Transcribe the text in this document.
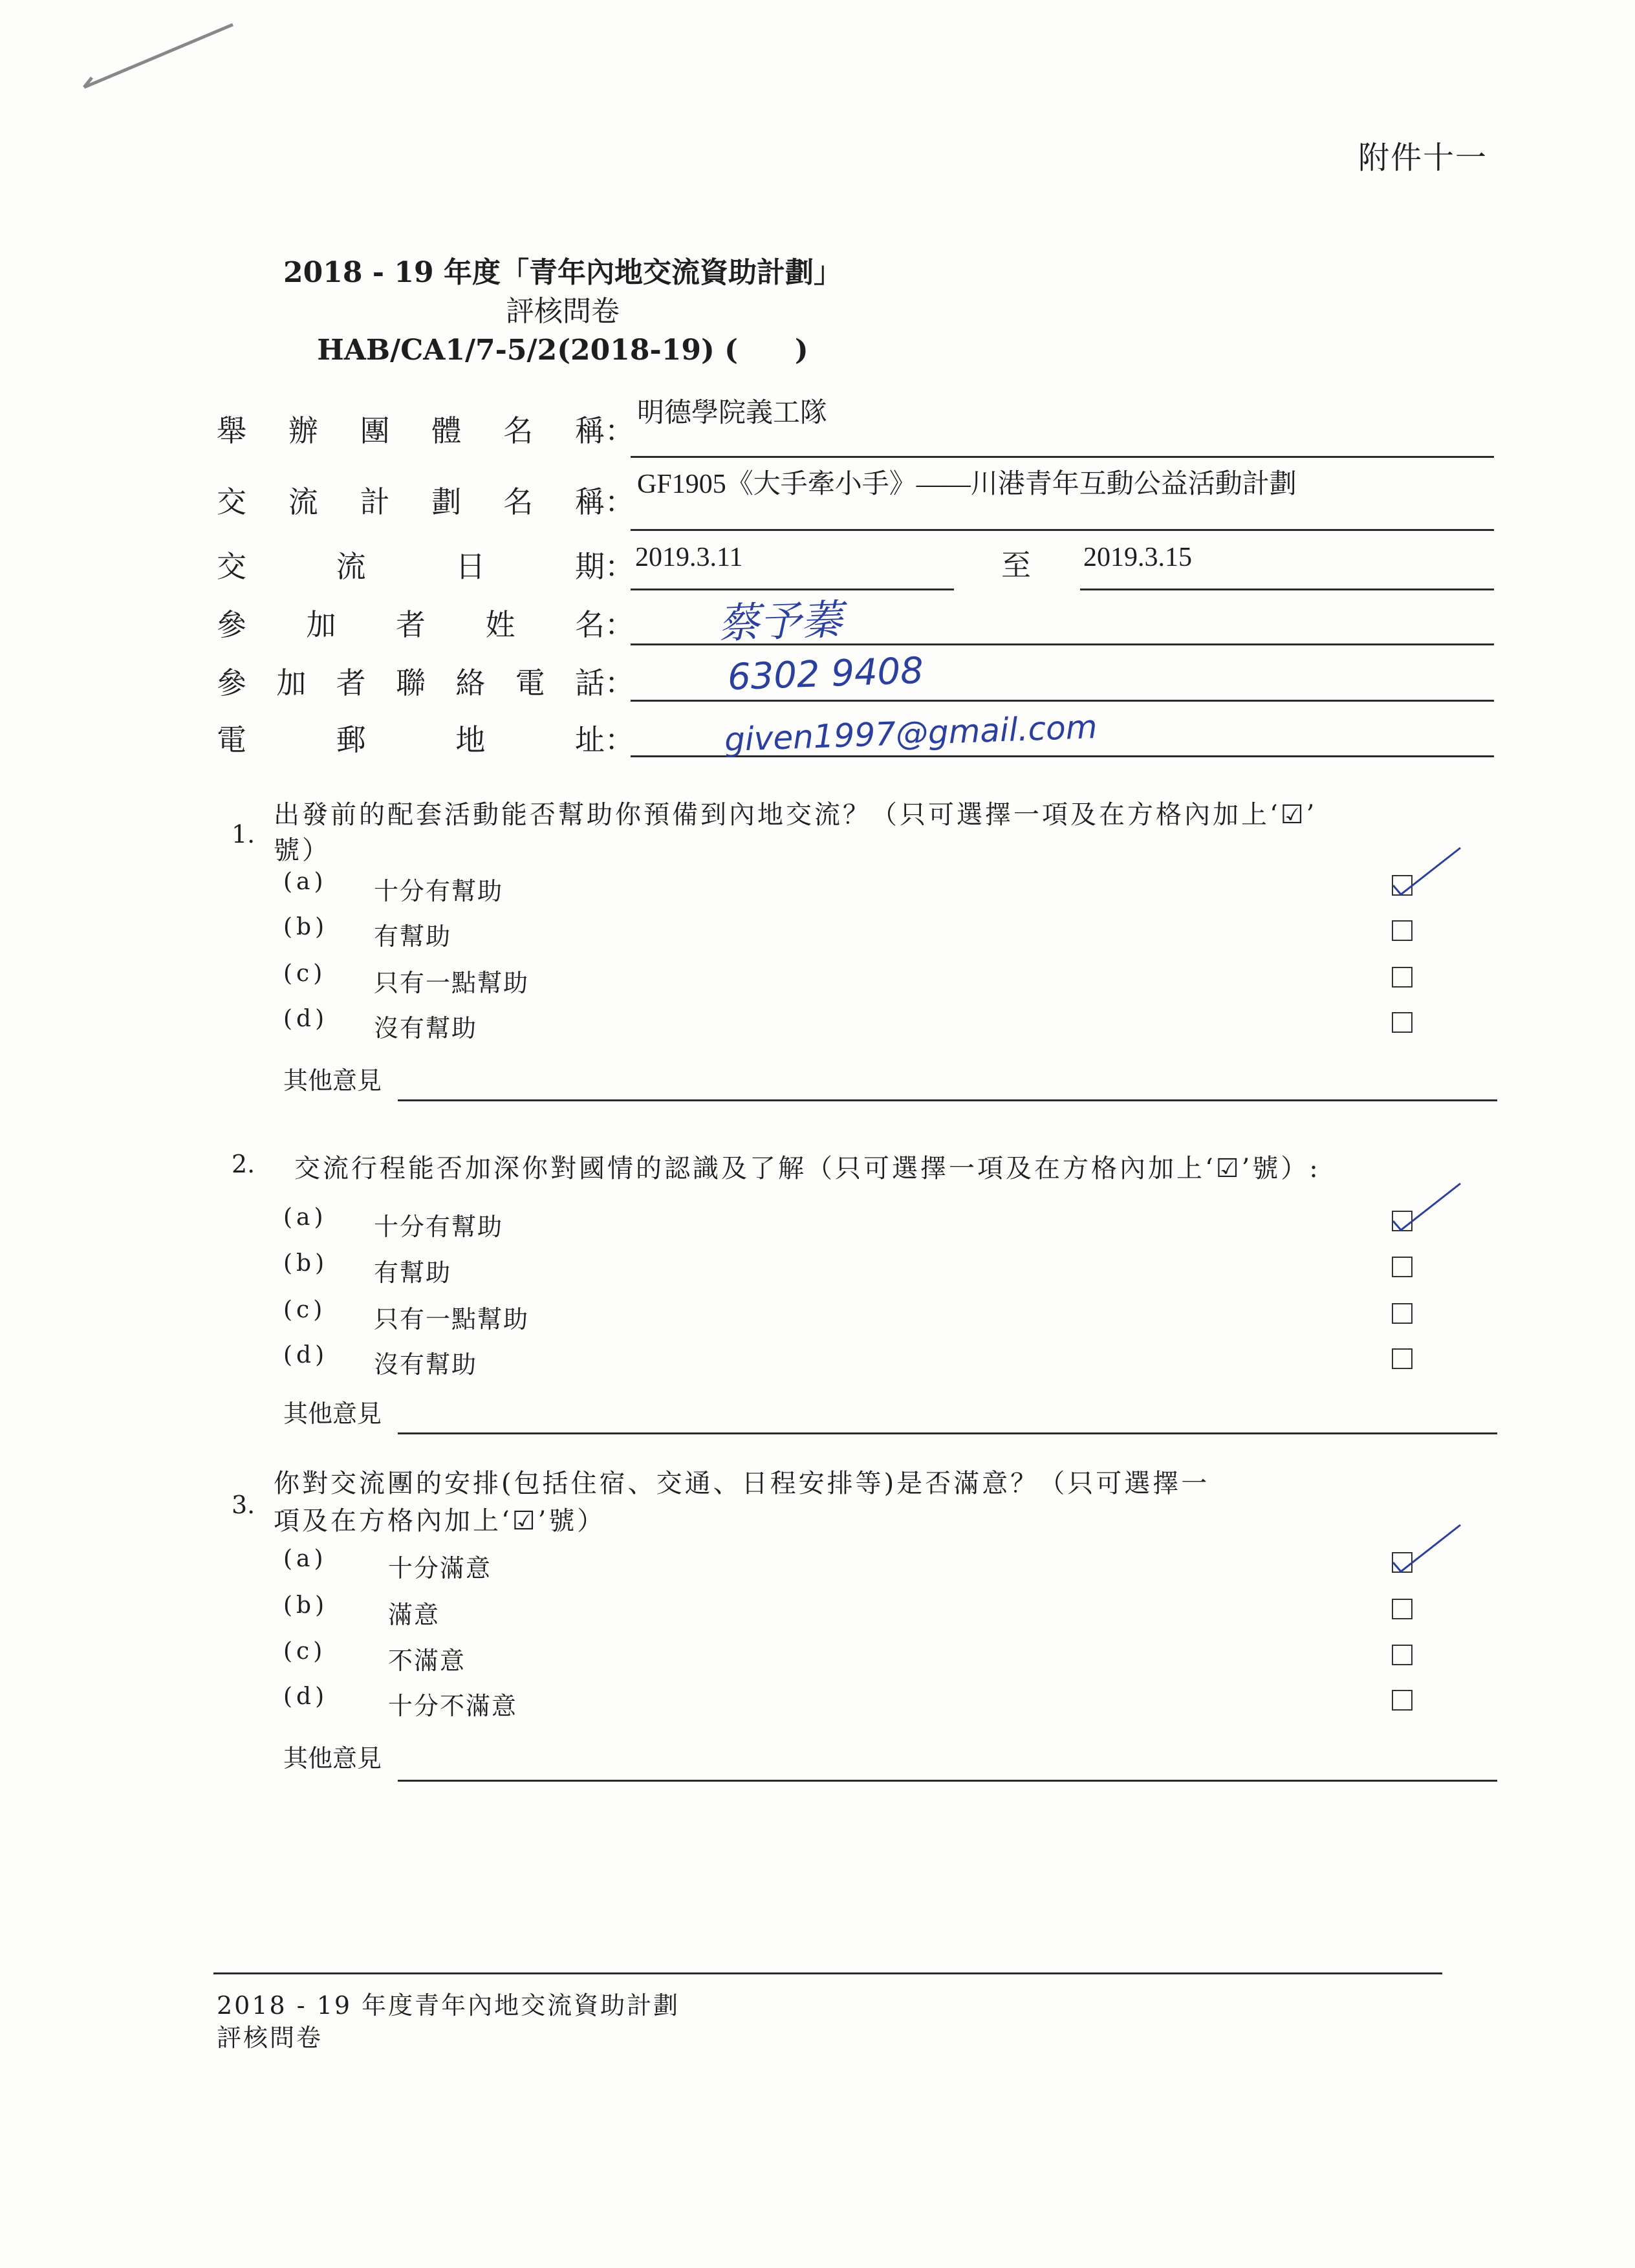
附件十一
2018 - 19 年度「青年內地交流資助計劃」
評核問卷
HAB/CA1/7-5/2(2018-19) (　　)
舉 辦 團 體 名 稱 ： 明德學院義工隊
交 流 計 劃 名 稱 ： GF1905《大手牽小手》——川港青年互動公益活動計劃
交	流	日	期 ： 2019.3.11	至 2019.3.15
參 加 者 姓 名 ： 蔡予蓁
參 加 者 聯 絡 電 話 ：	6302 9408
電	郵	地	址 ：	given1997@gmail.com
1.
出發前的配套活動能否幫助你預備到內地交流？（只可選擇一項及在方格內加上‘☑’
號）
(a) 十分有幫助
(b) 有幫助
(c) 只有一點幫助
(d) 沒有幫助
其他意見
2. 交流行程能否加深你對國情的認識及了解（只可選擇一項及在方格內加上‘☑’號）:
(a) 十分有幫助
(b) 有幫助
(c) 只有一點幫助
(d) 沒有幫助
其他意見
3.
你對交流團的安排(包括住宿、交通、日程安排等)是否滿意？（只可選擇一
項及在方格內加上‘☑’號）
(a) 十分滿意
(b) 滿意
(c)	不滿意
(d) 十分不滿意
其他意見
2018 - 19 年度青年內地交流資助計劃
評核問卷
